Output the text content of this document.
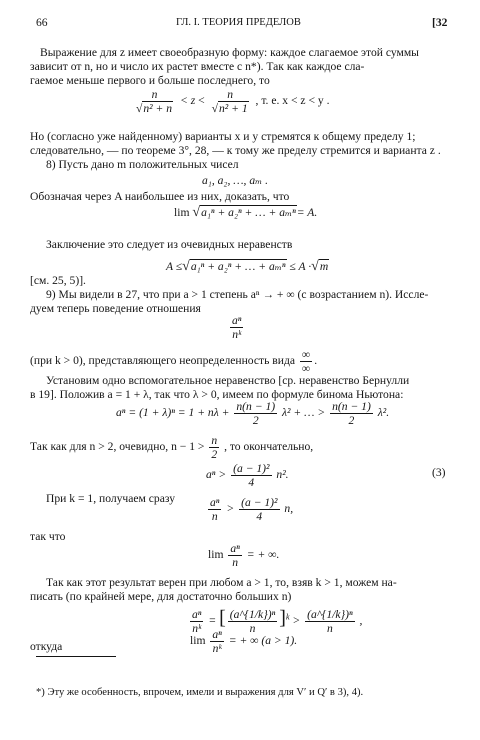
66	ГЛ. I. ТЕОРИЯ ПРЕДЕЛОВ	[32
Выражение для z имеет своеобразную форму: каждое слагаемое этой суммы
зависит от n, но и число их растет вместе с n*). Так как каждое сла-
гаемое меньше первого и больше последнего, то
$\frac{n}{\text{√n² + n}} < z < \frac{n}{\text{√n² + 1}}$ , т. е. x < z < y .
Но (согласно уже найденному) варианты x и y стремятся к общему пределу 1;
следовательно, — по теореме 3°, 28, — к тому же пределу стремится и варианта z .
8) Пусть дано m положительных чисел
a₁, a₂, …, aₘ .
Обозначая через A наибольшее из них, доказать, что
lim √a₁ⁿ + a₂ⁿ + … + aₘⁿ= A.
Заключение это следует из очевидных неравенств
A ≤√a₁ⁿ + a₂ⁿ + … + aₘⁿ ≤ A ·√m
[см. 25, 5)].
9) Мы видели в 27, что при a > 1 степень aⁿ → + ∞ (с возрастанием n). Иссле-
дуем теперь поведение отношения
$\frac{\text{aⁿ}}{\text{nᵏ}}$
(при k > 0), представляющего неопределенность вида $\frac{\infty}{\infty}$ .
Установим одно вспомогательное неравенство [ср. неравенство Бернулли
в 19]. Положив a = 1 + λ, так что λ > 0, имеем по формуле бинома Ньютона:
$a^n = (1 + \lambda)^n = 1 + n\lambda + \frac{n(n - 1)}{2} \lambda^2$ + … > $\frac{n(n - 1)}{2} \lambda^2$.
Так как для n > 2, очевидно, $n - 1 > \frac{n}{2}$ , то окончательно,
$a^n > \frac{\text{(a − 1)²}}{4} n^2$.	(3)
При k = 1, получаем сразу	$\frac{\text{aⁿ}}{n} > \frac{\text{(a − 1)²}}{4} n$,
так что
$\lim \frac{\text{aⁿ}}{n}$ = + ∞.
Так как этот результат верен при любом a > 1, то, взяв k > 1, можем на-
писать (по крайней мере, для достаточно больших n)
$\frac{\text{aⁿ}}{\text{nᵏ}}$ = [ $\frac{\text{(a\textasciicircum{}\{1/k\})ⁿ}}{n} ]^k > \frac{\text{(a\textasciicircum{}\{1/k\})ⁿ}}{n}$ ,
откуда	$\lim \frac{\text{aⁿ}}{\text{nᵏ}}$ = + ∞ (a > 1).
*) Эту же особенность, впрочем, имели и выражения для V′ и Q′ в 3), 4).
